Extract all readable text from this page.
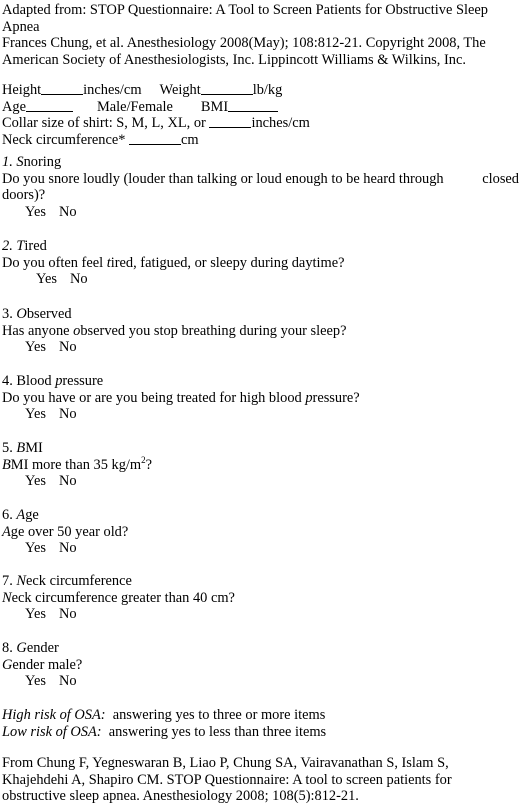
Adapted from: STOP Questionnaire: A Tool to Screen Patients for Obstructive Sleep
Apnea
Frances Chung, et al. Anesthesiology 2008(May); 108:812-21. Copyright 2008, The
American Society of Anesthesiologists, Inc. Lippincott Williams & Wilkins, Inc.
Height	inches/cm Weight	lb/kg
Age	Male/Female BMI
Collar size of shirt: S, M, L, XL, or	inches/cm
Neck circumference*	cm
1. Snoring
Do you snore loudly (louder than talking or loud enough to be heard through	closed
doors)?
Yes No
2. Tired
Do you often feel tired, fatigued, or sleepy during daytime?
Yes No
3. Observed
Has anyone observed you stop breathing during your sleep?
Yes No
4. Blood pressure
Do you have or are you being treated for high blood pressure?
Yes No
5. BMI
BMI more than 35 $kg/m^2$?
Yes No
6. Age
Age over 50 year old?
Yes No
7. Neck circumference
Neck circumference greater than 40 cm?
Yes No
8. Gender
Gender male?
Yes No
High risk of OSA:  answering yes to three or more items
Low risk of OSA:  answering yes to less than three items
From Chung F, Yegneswaran B, Liao P, Chung SA, Vairavanathan S, Islam S,
Khajehdehi A, Shapiro CM. STOP Questionnaire: A tool to screen patients for
obstructive sleep apnea. Anesthesiology 2008; 108(5):812-21.
